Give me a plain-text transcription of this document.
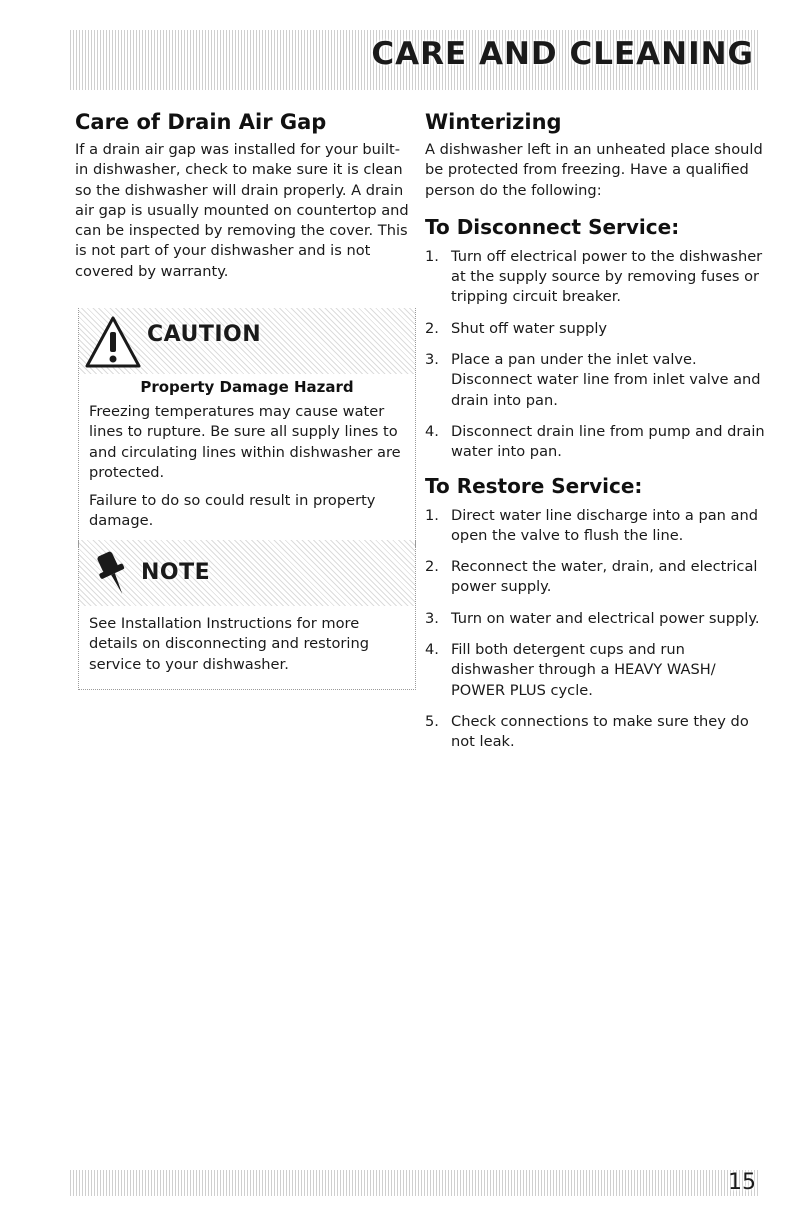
CARE AND CLEANING
Care of Drain Air Gap

If a drain air gap was installed for your built-in dishwasher, check to make sure it is clean so the dishwasher will drain properly. A drain air gap is usually mounted on countertop and can be inspected by removing the cover. This is not part of your dishwasher and is not covered by warranty.

CAUTION
Property Damage Hazard

Freezing temperatures may cause water lines to rupture. Be sure all supply lines to and circulating lines within dishwasher are protected.

Failure to do so could result in property damage.

NOTE

See Installation Instructions for more details on disconnecting and restoring service to your dishwasher.

Winterizing

A dishwasher left in an unheated place should be protected from freezing. Have a qualified person do the following:

To Disconnect Service:
1. Turn off electrical power to the dishwasher at the supply source by removing fuses or tripping circuit breaker.
2. Shut off water supply
3. Place a pan under the inlet valve. Disconnect water line from inlet valve and drain into pan.
4. Disconnect drain line from pump and drain water into pan.
To Restore Service:
1. Direct water line discharge into a pan and open the valve to flush the line.
2. Reconnect the water, drain, and electrical power supply.
3. Turn on water and electrical power supply.
4. Fill both detergent cups and run dishwasher through a HEAVY WASH/ POWER PLUS cycle.
5. Check connections to make sure they do not leak.
15
